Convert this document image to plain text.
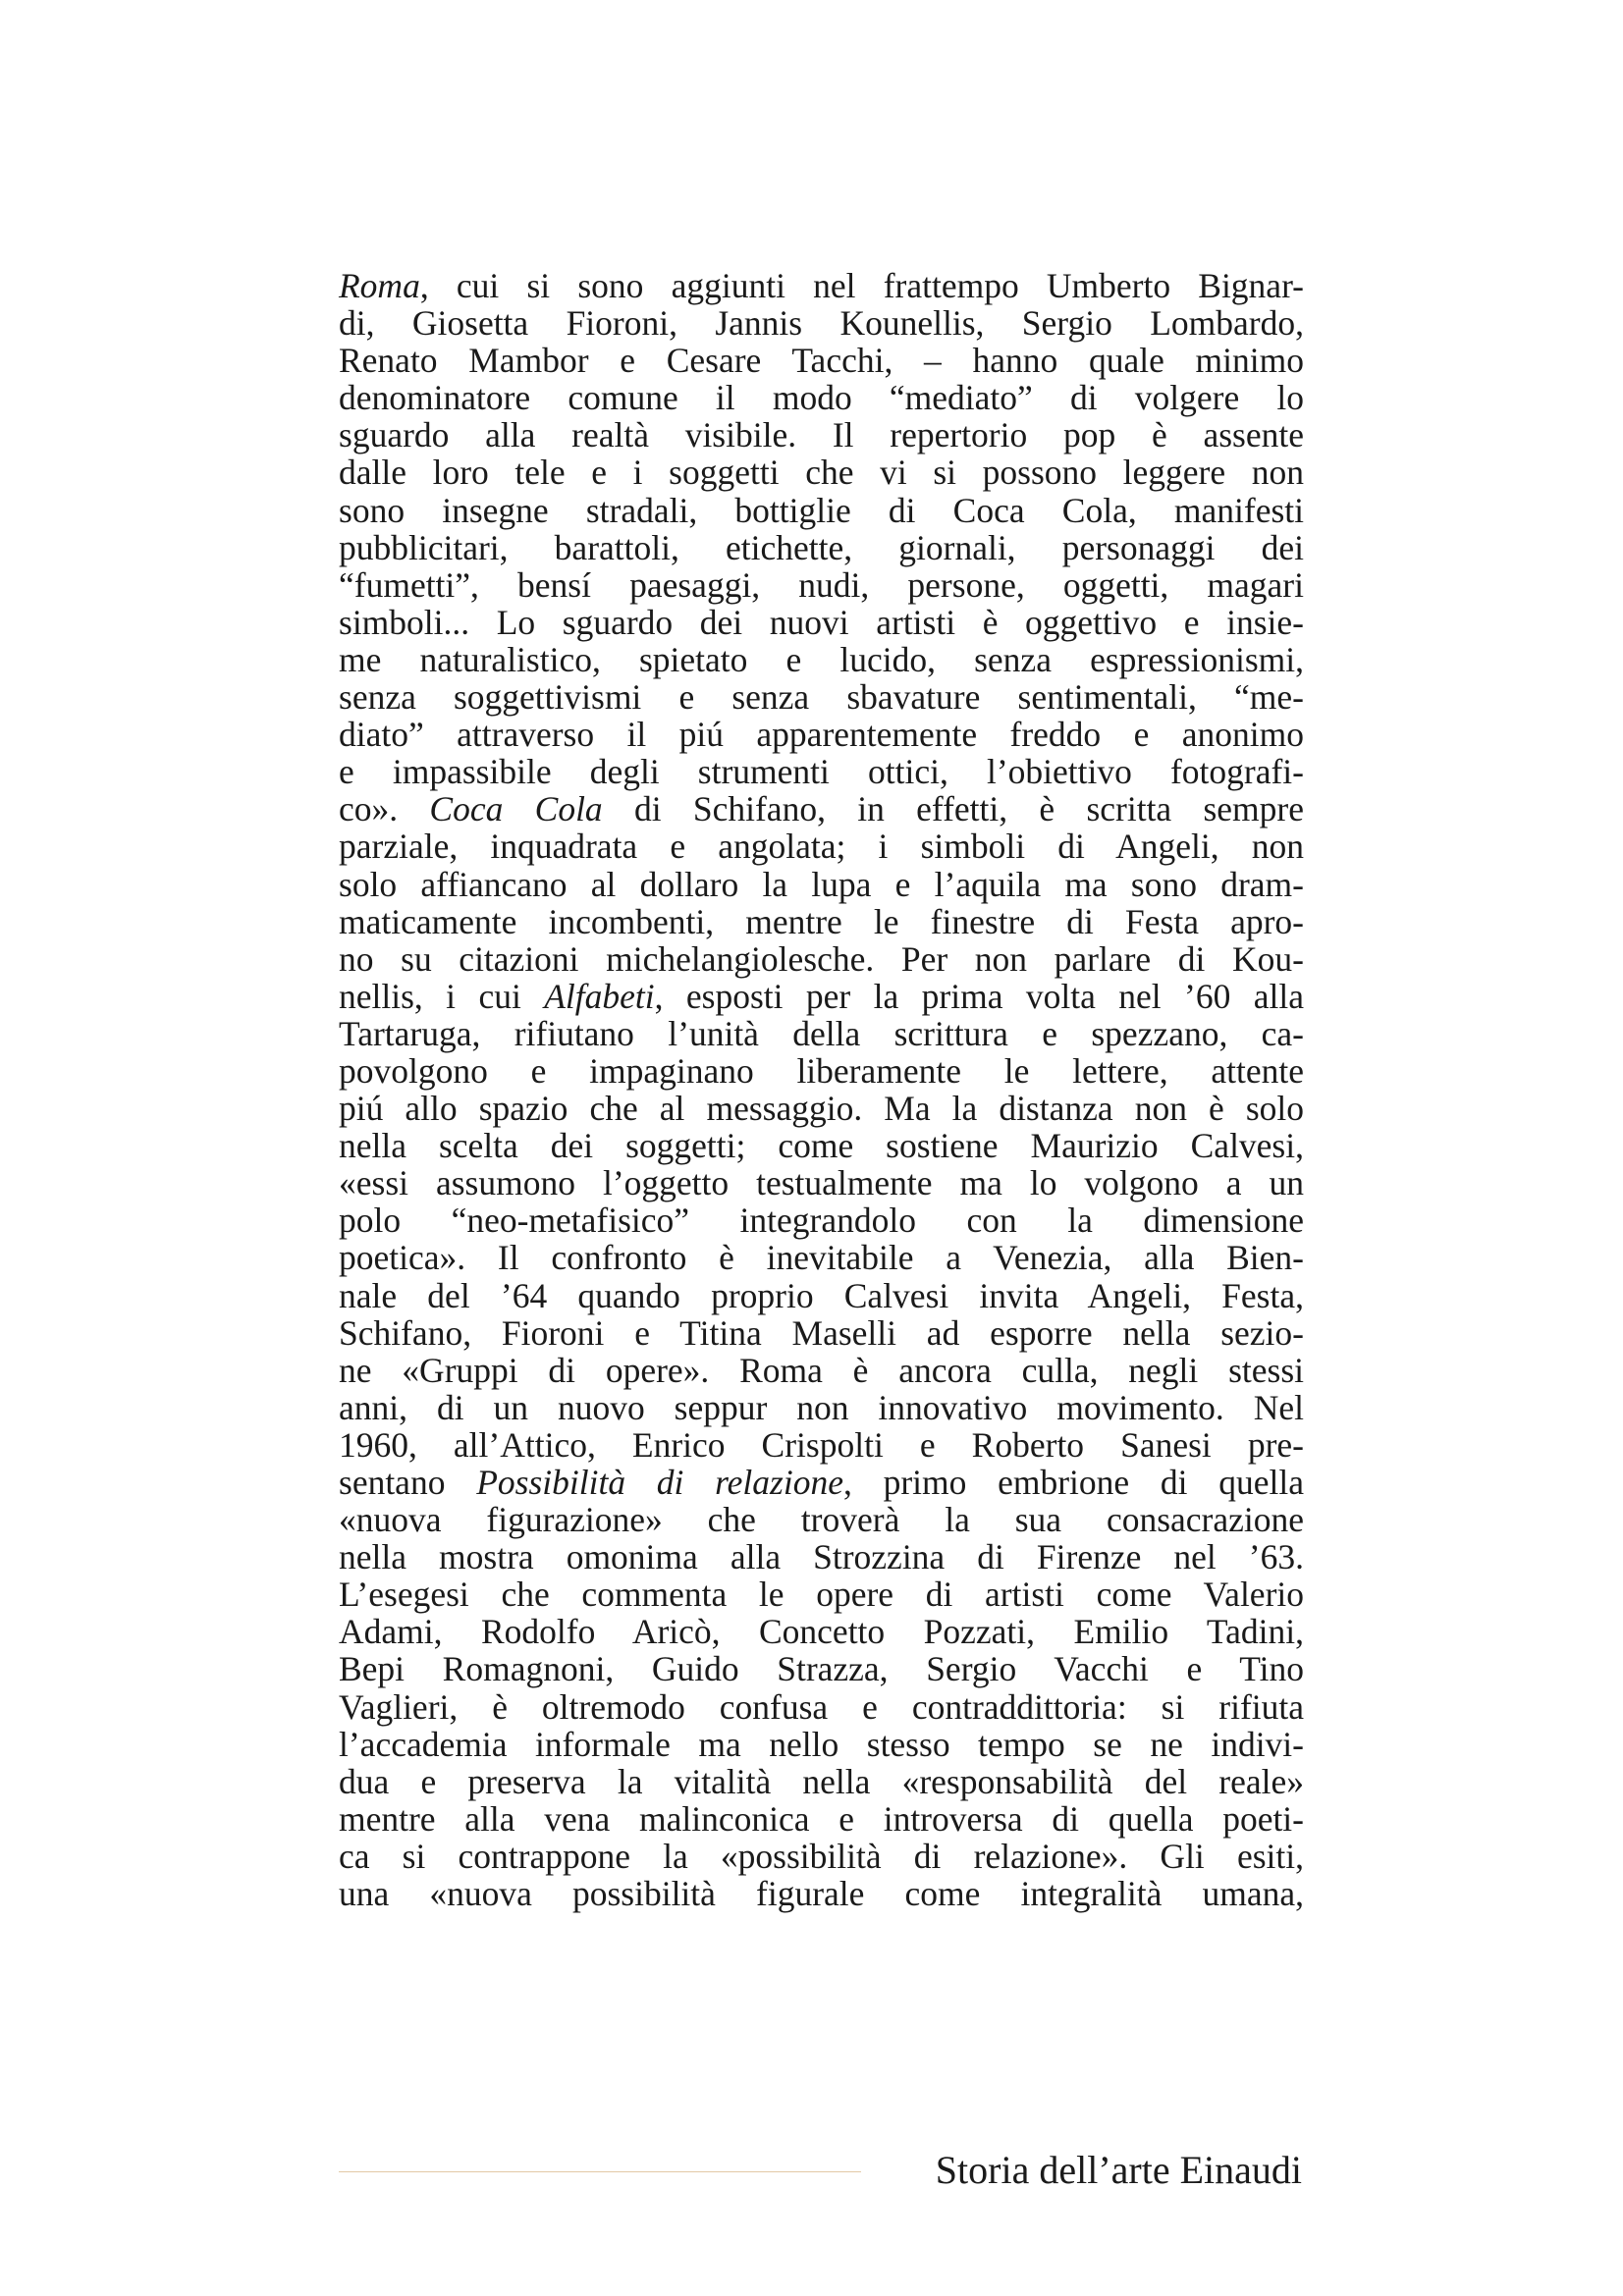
Roma, cui si sono aggiunti nel frattempo Umberto Bignar-
di, Giosetta Fioroni, Jannis Kounellis, Sergio Lombardo,
Renato Mambor e Cesare Tacchi, – hanno quale minimo
denominatore comune il modo “mediato” di volgere lo
sguardo alla realtà visibile. Il repertorio pop è assente
dalle loro tele e i soggetti che vi si possono leggere non
sono insegne stradali, bottiglie di Coca Cola, manifesti
pubblicitari, barattoli, etichette, giornali, personaggi dei
“fumetti”, bensí paesaggi, nudi, persone, oggetti, magari
simboli... Lo sguardo dei nuovi artisti è oggettivo e insie-
me naturalistico, spietato e lucido, senza espressionismi,
senza soggettivismi e senza sbavature sentimentali, “me-
diato” attraverso il piú apparentemente freddo e anonimo
e impassibile degli strumenti ottici, l’obiettivo fotografi-
co». Coca Cola di Schifano, in effetti, è scritta sempre
parziale, inquadrata e angolata; i simboli di Angeli, non
solo affiancano al dollaro la lupa e l’aquila ma sono dram-
maticamente incombenti, mentre le finestre di Festa apro-
no su citazioni michelangiolesche. Per non parlare di Kou-
nellis, i cui Alfabeti, esposti per la prima volta nel ’60 alla
Tartaruga, rifiutano l’unità della scrittura e spezzano, ca-
povolgono e impaginano liberamente le lettere, attente
piú allo spazio che al messaggio. Ma la distanza non è solo
nella scelta dei soggetti; come sostiene Maurizio Calvesi,
«essi assumono l’oggetto testualmente ma lo volgono a un
polo “neo-metafisico” integrandolo con la dimensione
poetica». Il confronto è inevitabile a Venezia, alla Bien-
nale del ’64 quando proprio Calvesi invita Angeli, Festa,
Schifano, Fioroni e Titina Maselli ad esporre nella sezio-
ne «Gruppi di opere». Roma è ancora culla, negli stessi
anni, di un nuovo seppur non innovativo movimento. Nel
1960, all’Attico, Enrico Crispolti e Roberto Sanesi pre-
sentano Possibilità di relazione, primo embrione di quella
«nuova figurazione» che troverà la sua consacrazione
nella mostra omonima alla Strozzina di Firenze nel ’63.
L’esegesi che commenta le opere di artisti come Valerio
Adami, Rodolfo Aricò, Concetto Pozzati, Emilio Tadini,
Bepi Romagnoni, Guido Strazza, Sergio Vacchi e Tino
Vaglieri, è oltremodo confusa e contraddittoria: si rifiuta
l’accademia informale ma nello stesso tempo se ne indivi-
dua e preserva la vitalità nella «responsabilità del reale»
mentre alla vena malinconica e introversa di quella poeti-
ca si contrappone la «possibilità di relazione». Gli esiti,
una «nuova possibilità figurale come integralità umana,
Storia dell’arte Einaudi
